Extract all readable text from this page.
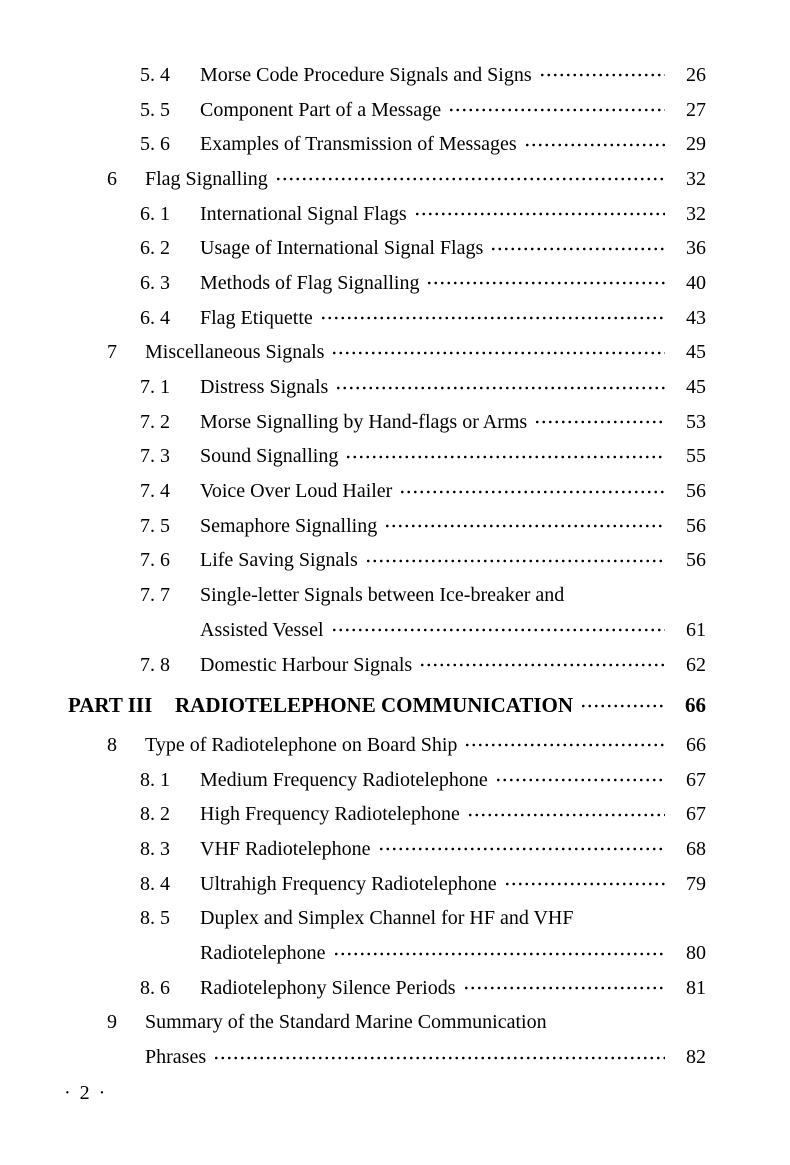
5. 4	Morse Code Procedure Signals and Signs	26
5. 5	Component Part of a Message	27
5. 6	Examples of Transmission of Messages	29
6	Flag Signalling	32
6. 1	International Signal Flags	32
6. 2	Usage of International Signal Flags	36
6. 3	Methods of Flag Signalling	40
6. 4	Flag Etiquette	43
7	Miscellaneous Signals	45
7. 1	Distress Signals	45
7. 2	Morse Signalling by Hand-flags or Arms	53
7. 3	Sound Signalling	55
7. 4	Voice Over Loud Hailer	56
7. 5	Semaphore Signalling	56
7. 6	Life Saving Signals	56
7. 7	Single-letter Signals between Ice-breaker and
Assisted Vessel	61
7. 8	Domestic Harbour Signals	62
PART III	RADIOTELEPHONE COMMUNICATION	66
8	Type of Radiotelephone on Board Ship	66
8. 1	Medium Frequency Radiotelephone	67
8. 2	High Frequency Radiotelephone	67
8. 3	VHF Radiotelephone	68
8. 4	Ultrahigh Frequency Radiotelephone	79
8. 5	Duplex and Simplex Channel for HF and VHF
Radiotelephone	80
8. 6	Radiotelephony Silence Periods	81
9	Summary of the Standard Marine Communication
Phrases	82
· 2 ·
